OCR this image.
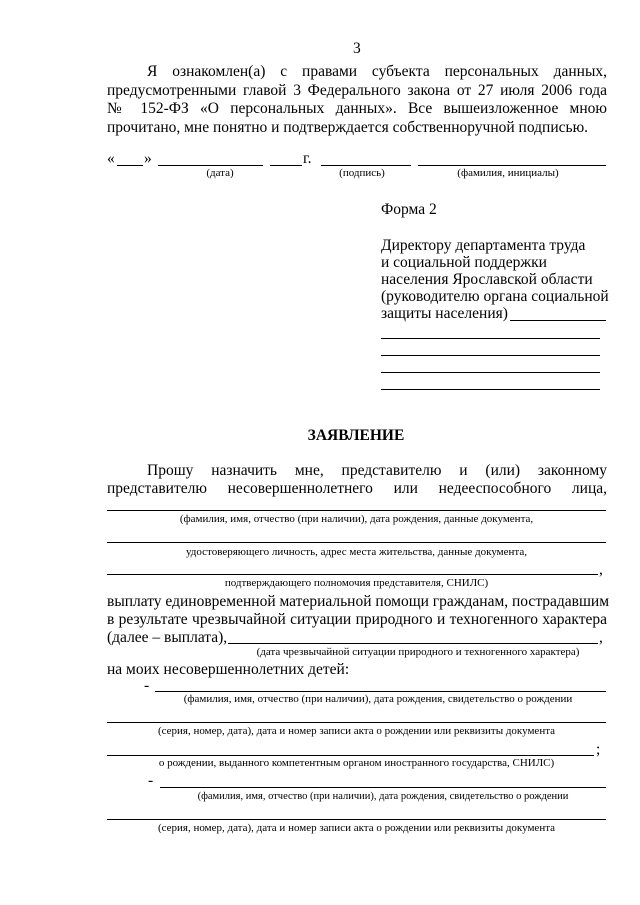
3
Я ознакомлен(а) с правами субъекта персональных данных,
предусмотренными главой 3 Федерального закона от 27 июля 2006 года
№ 152-ФЗ «О персональных данных». Все вышеизложенное мною
прочитано, мне понятно и подтверждается собственноручной подписью.
« »	г.
(дата)	(подпись)	(фамилия, инициалы)
Форма 2
Директору департамента труда
и социальной поддержки
населения Ярославской области
(руководителю органа социальной
защиты населения)
ЗАЯВЛЕНИЕ
Прошу назначить мне, представителю и (или) законному
представителю несовершеннолетнего или недееспособного лица,
(фамилия, имя, отчество (при наличии), дата рождения, данные документа,
удостоверяющего личность, адрес места жительства, данные документа,
,
подтверждающего полномочия представителя, СНИЛС)
выплату единовременной материальной помощи гражданам, пострадавшим
в результате чрезвычайной ситуации природного и техногенного характера
(далее – выплата),	,
(дата чрезвычайной ситуации природного и техногенного характера)
на моих несовершеннолетних детей:
-
(фамилия, имя, отчество (при наличии), дата рождения, свидетельство о рождении
(серия, номер, дата), дата и номер записи акта о рождении или реквизиты документа
;
о рождении, выданного компетентным органом иностранного государства, СНИЛС)
-
(фамилия, имя, отчество (при наличии), дата рождения, свидетельство о рождении
(серия, номер, дата), дата и номер записи акта о рождении или реквизиты документа
